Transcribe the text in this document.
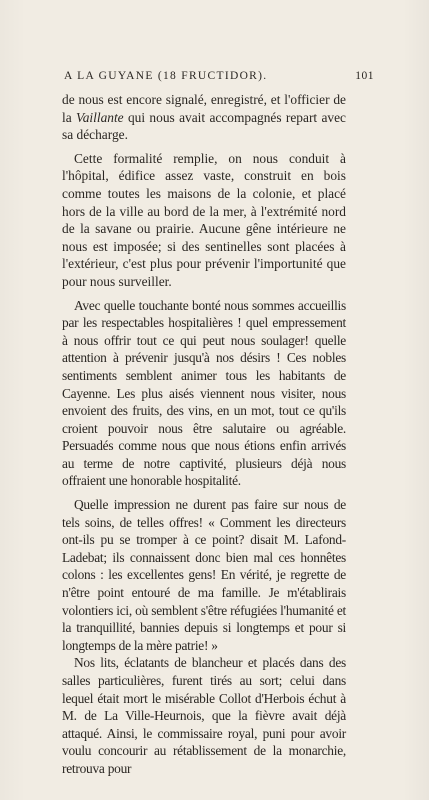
A LA GUYANE (18 FRUCTIDOR).	101

de nous est encore signalé, enregistré, et l'officier de la Vaillante qui nous avait accompagnés repart avec sa décharge.

Cette formalité remplie, on nous conduit à l'hôpital, édifice assez vaste, construit en bois comme toutes les maisons de la colonie, et placé hors de la ville au bord de la mer, à l'extrémité nord de la savane ou prairie. Aucune gêne intérieure ne nous est imposée; si des sentinelles sont placées à l'extérieur, c'est plus pour prévenir l'importunité que pour nous surveiller.

Avec quelle touchante bonté nous sommes accueillis par les respectables hospitalières ! quel empressement à nous offrir tout ce qui peut nous soulager! quelle attention à prévenir jusqu'à nos désirs ! Ces nobles sentiments semblent animer tous les habitants de Cayenne. Les plus aisés viennent nous visiter, nous envoient des fruits, des vins, en un mot, tout ce qu'ils croient pouvoir nous être salutaire ou agréable. Persuadés comme nous que nous étions enfin arrivés au terme de notre captivité, plusieurs déjà nous offraient une honorable hospitalité.

Quelle impression ne durent pas faire sur nous de tels soins, de telles offres! « Comment les directeurs ont-ils pu se tromper à ce point? disait M. Lafond-Ladebat; ils connaissent donc bien mal ces honnêtes colons : les excellentes gens! En vérité, je regrette de n'être point entouré de ma famille. Je m'établirais volontiers ici, où semblent s'être réfugiées l'humanité et la tranquillité, bannies depuis si longtemps et pour si longtemps de la mère patrie! »

Nos lits, éclatants de blancheur et placés dans des salles particulières, furent tirés au sort; celui dans lequel était mort le misérable Collot d'Herbois échut à M. de La Ville-Heurnois, que la fièvre avait déjà attaqué. Ainsi, le commissaire royal, puni pour avoir voulu concourir au rétablissement de la monarchie, retrouva pour
